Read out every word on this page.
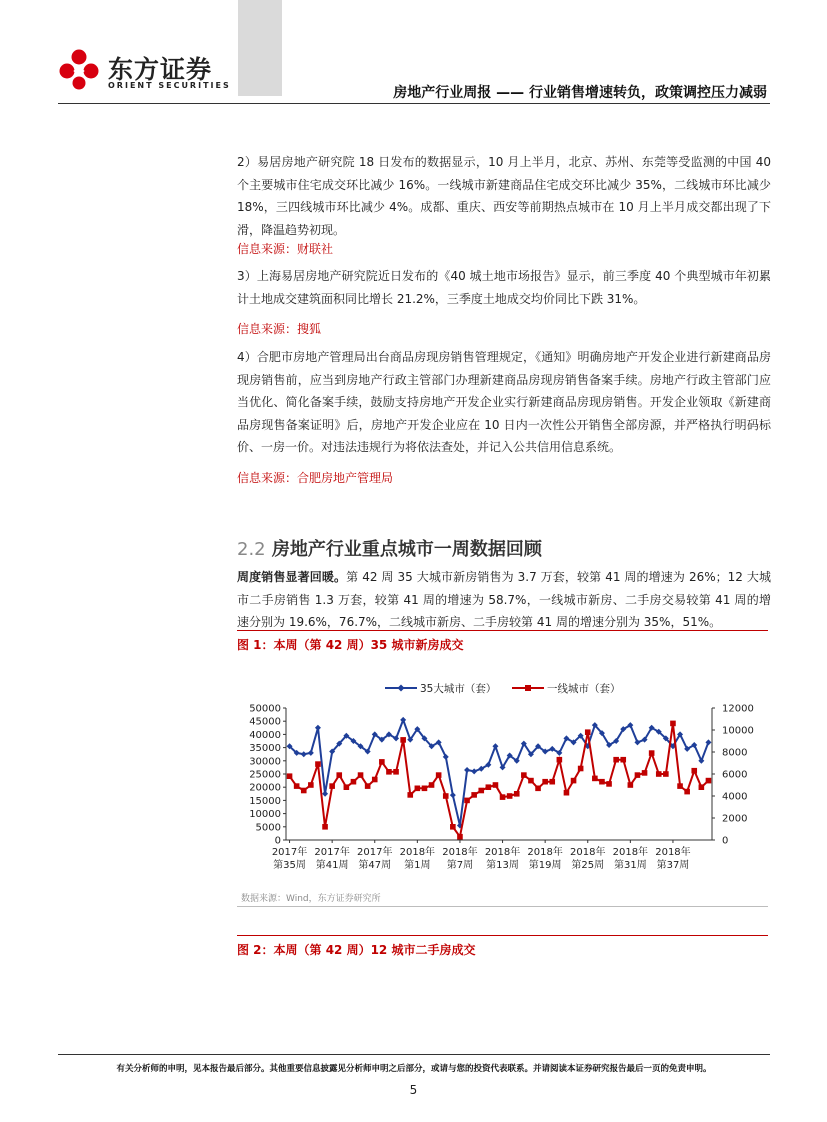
东方证券
ORIENT SECURITIES	房地产行业周报 —— 行业销售增速转负，政策调控压力减弱
2）易居房地产研究院 18 日发布的数据显示，10 月上半月，北京、苏州、东莞等受监测的中国 40 个主要城市住宅成交环比减少 16%。一线城市新建商品住宅成交环比减少 35%，二线城市环比减少 18%，三四线城市环比减少 4%。成都、重庆、西安等前期热点城市在 10 月上半月成交都出现了下滑，降温趋势初现。
信息来源：财联社
3）上海易居房地产研究院近日发布的《40 城土地市场报告》显示，前三季度 40 个典型城市年初累计土地成交建筑面积同比增长 21.2%，三季度土地成交均价同比下跌 31%。
信息来源：搜狐
4）合肥市房地产管理局出台商品房现房销售管理规定，《通知》明确房地产开发企业进行新建商品房现房销售前，应当到房地产行政主管部门办理新建商品房现房销售备案手续。房地产行政主管部门应当优化、简化备案手续，鼓励支持房地产开发企业实行新建商品房现房销售。开发企业领取《新建商品房现售备案证明》后，房地产开发企业应在 10 日内一次性公开销售全部房源，并严格执行明码标价、一房一价。对违法违规行为将依法查处，并记入公共信用信息系统。
信息来源：合肥房地产管理局
2.2 房地产行业重点城市一周数据回顾
周度销售显著回暖。第 42 周 35 大城市新房销售为 3.7 万套，较第 41 周的增速为 26%；12 大城市二手房销售 1.3 万套，较第 41 周的增速为 58.7%，一线城市新房、二手房交易较第 41 周的增速分别为 19.6%，76.7%，二线城市新房、二手房较第 41 周的增速分别为 35%，51%。
图 1：本周（第 42 周）35 城市新房成交
50000
45000
40000
35000
30000
25000
20000
15000
10000
5000
0
12000
10000
8000
6000
4000
2000
0
2017年
第35周
2017年
第41周
2017年
第47周
2018年
第1周
2018年
第7周
2018年
第13周
2018年
第19周
2018年
第25周
2018年
第31周
2018年
第37周
35大城市（套）	一线城市（套）
数据来源：Wind，东方证券研究所
图 2：本周（第 42 周）12 城市二手房成交
有关分析师的申明，见本报告最后部分。其他重要信息披露见分析师申明之后部分，或请与您的投资代表联系。并请阅读本证券研究报告最后一页的免责申明。
5
